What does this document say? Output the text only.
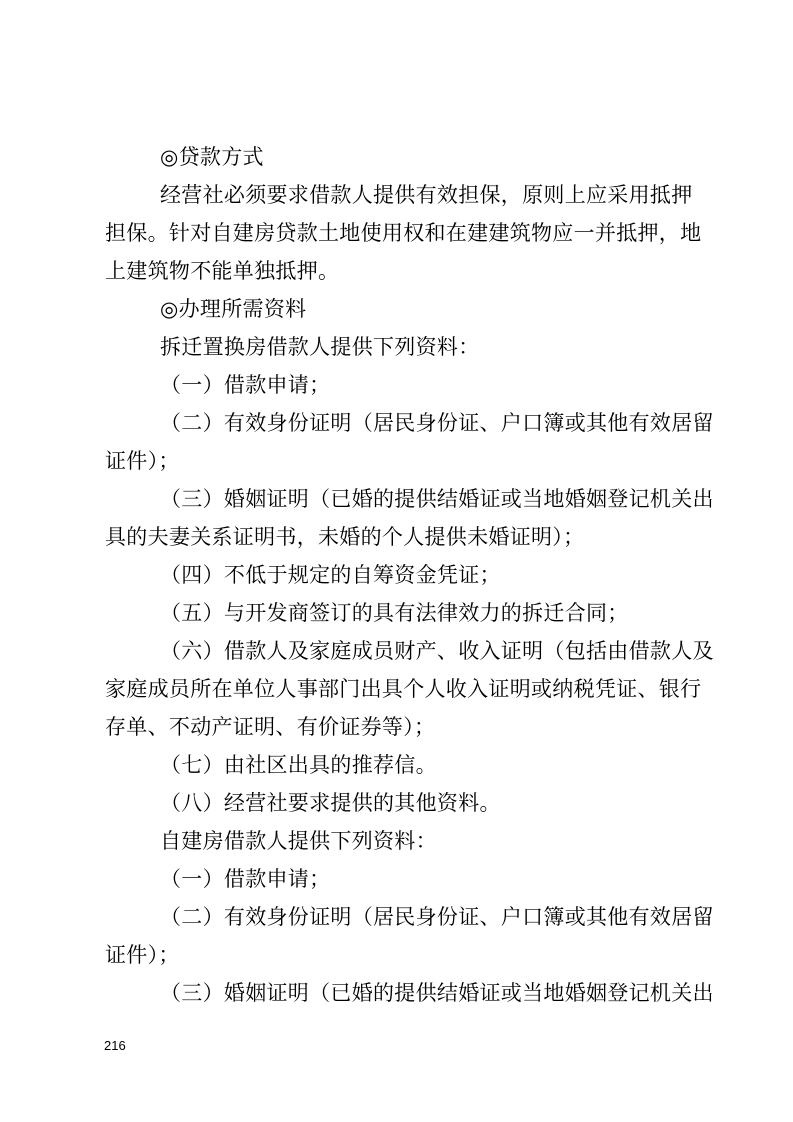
◎贷款方式
经营社必须要求借款人提供有效担保，原则上应采用抵押
担保。针对自建房贷款土地使用权和在建建筑物应一并抵押，地
上建筑物不能单独抵押。
◎办理所需资料
拆迁置换房借款人提供下列资料：
（一）借款申请；
（二）有效身份证明（居民身份证、户口簿或其他有效居留
证件）；
（三）婚姻证明（已婚的提供结婚证或当地婚姻登记机关出
具的夫妻关系证明书，未婚的个人提供未婚证明）；
（四）不低于规定的自筹资金凭证；
（五）与开发商签订的具有法律效力的拆迁合同；
（六）借款人及家庭成员财产、收入证明（包括由借款人及
家庭成员所在单位人事部门出具个人收入证明或纳税凭证、银行
存单、不动产证明、有价证券等）；
（七）由社区出具的推荐信。
（八）经营社要求提供的其他资料。
自建房借款人提供下列资料：
（一）借款申请；
（二）有效身份证明（居民身份证、户口簿或其他有效居留
证件）；
（三）婚姻证明（已婚的提供结婚证或当地婚姻登记机关出
216
